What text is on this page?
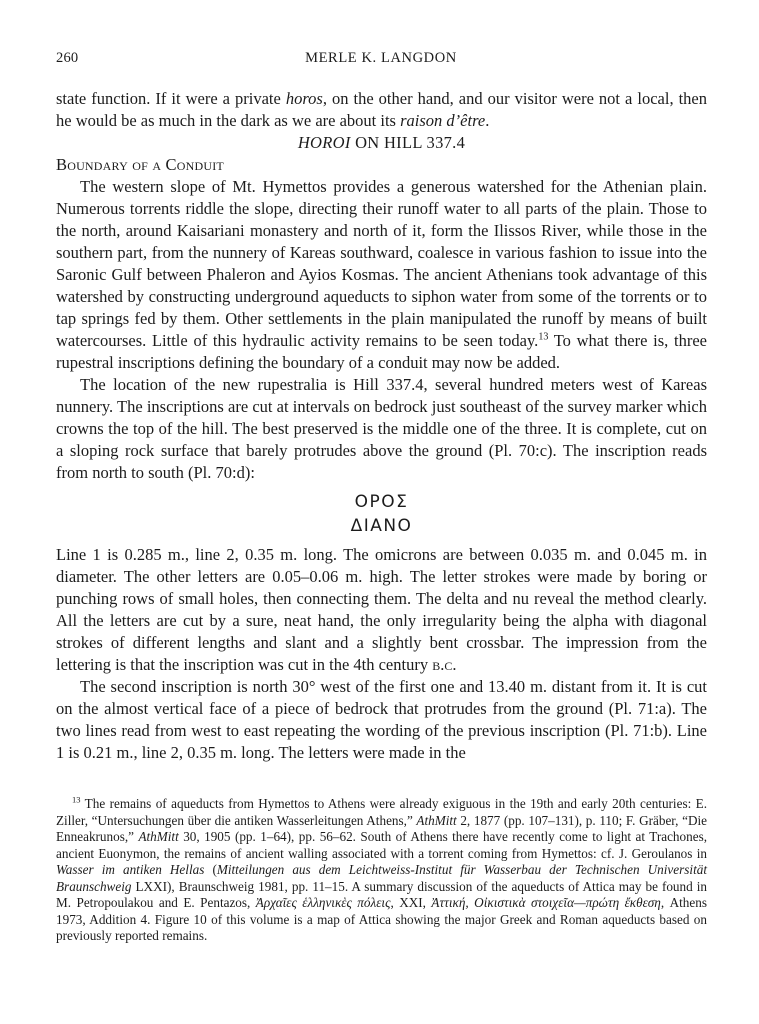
260	MERLE K. LANGDON

state function. If it were a private horos, on the other hand, and our visitor were not a local, then he would be as much in the dark as we are about its raison d’être.

HOROI ON HILL 337.4

Boundary of a Conduit

The western slope of Mt. Hymettos provides a generous watershed for the Athenian plain. Numerous torrents riddle the slope, directing their runoff water to all parts of the plain. Those to the north, around Kaisariani monastery and north of it, form the Ilissos River, while those in the southern part, from the nunnery of Kareas southward, coalesce in various fashion to issue into the Saronic Gulf between Phaleron and Ayios Kosmas. The ancient Athenians took advantage of this watershed by constructing underground aqueducts to siphon water from some of the torrents or to tap springs fed by them. Other settlements in the plain manipulated the runoff by means of built watercourses. Little of this hydraulic activity remains to be seen today.$^{13}$ To what there is, three rupestral inscriptions defining the boundary of a conduit may now be added.

The location of the new rupestralia is Hill 337.4, several hundred meters west of Kareas nunnery. The inscriptions are cut at intervals on bedrock just southeast of the survey marker which crowns the top of the hill. The best preserved is the middle one of the three. It is complete, cut on a sloping rock surface that barely protrudes above the ground (Pl. 70:c). The inscription reads from north to south (Pl. 70:d):

ΟΡΟΣ
ΔΙΑΝΟ

Line 1 is 0.285 m., line 2, 0.35 m. long. The omicrons are between 0.035 m. and 0.045 m. in diameter. The other letters are 0.05–0.06 m. high. The letter strokes were made by boring or punching rows of small holes, then connecting them. The delta and nu reveal the method clearly. All the letters are cut by a sure, neat hand, the only irregularity being the alpha with diagonal strokes of different lengths and slant and a slightly bent crossbar. The impression from the lettering is that the inscription was cut in the 4th century b.c.

The second inscription is north 30° west of the first one and 13.40 m. distant from it. It is cut on the almost vertical face of a piece of bedrock that protrudes from the ground (Pl. 71:a). The two lines read from west to east repeating the wording of the previous inscription (Pl. 71:b). Line 1 is 0.21 m., line 2, 0.35 m. long. The letters were made in the

$^{13}$ The remains of aqueducts from Hymettos to Athens were already exiguous in the 19th and early 20th centuries: E. Ziller, “Untersuchungen über die antiken Wasserleitungen Athens,” AthMitt 2, 1877 (pp. 107–131), p. 110; F. Gräber, “Die Enneakrunos,” AthMitt 30, 1905 (pp. 1–64), pp. 56–62. South of Athens there have recently come to light at Trachones, ancient Euonymon, the remains of ancient walling associated with a torrent coming from Hymettos: cf. J. Geroulanos in Wasser im antiken Hellas (Mitteilungen aus dem Leichtweiss-Institut für Wasserbau der Technischen Universität Braunschweig LXXI), Braunschweig 1981, pp. 11–15. A summary discussion of the aqueducts of Attica may be found in M. Petropoulakou and E. Pentazos, Ἀρχαῖες ἑλληνικὲς πόλεις, XXI, Ἀττική, Οἰκιστικὰ στοιχεῖα—πρώτη ἔκθεση, Athens 1973, Addition 4. Figure 10 of this volume is a map of Attica showing the major Greek and Roman aqueducts based on previously reported remains.
